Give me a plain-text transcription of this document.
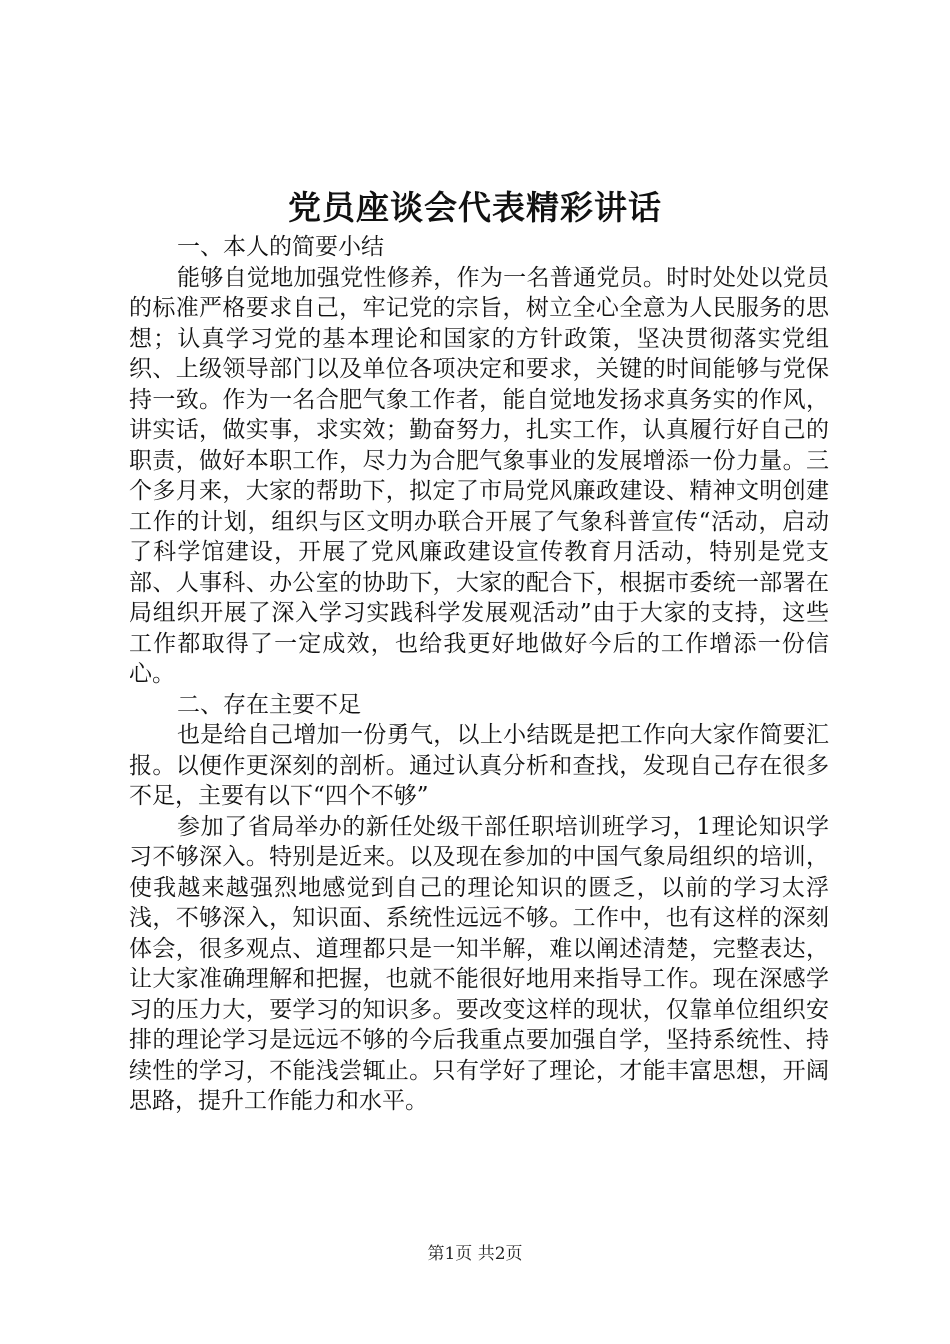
党员座谈会代表精彩讲话

一、本人的简要小结

能够自觉地加强党性修养，作为一名普通党员。时时处处以党员的标准严格要求自己，牢记党的宗旨，树立全心全意为人民服务的思想；认真学习党的基本理论和国家的方针政策，坚决贯彻落实党组织、上级领导部门以及单位各项决定和要求，关键的时间能够与党保持一致。作为一名合肥气象工作者，能自觉地发扬求真务实的作风，讲实话，做实事，求实效；勤奋努力，扎实工作，认真履行好自己的职责，做好本职工作，尽力为合肥气象事业的发展增添一份力量。三个多月来，大家的帮助下，拟定了市局党风廉政建设、精神文明创建工作的计划，组织与区文明办联合开展了气象科普宣传“活动，启动了科学馆建设，开展了党风廉政建设宣传教育月活动，特别是党支部、人事科、办公室的协助下，大家的配合下，根据市委统一部署在局组织开展了深入学习实践科学发展观活动”由于大家的支持，这些工作都取得了一定成效，也给我更好地做好今后的工作增添一份信心。

二、存在主要不足

也是给自己增加一份勇气，以上小结既是把工作向大家作简要汇报。以便作更深刻的剖析。通过认真分析和查找，发现自己存在很多不足，主要有以下“四个不够”

参加了省局举办的新任处级干部任职培训班学习，1理论知识学习不够深入。特别是近来。以及现在参加的中国气象局组织的培训，使我越来越强烈地感觉到自己的理论知识的匮乏，以前的学习太浮浅，不够深入，知识面、系统性远远不够。工作中，也有这样的深刻体会，很多观点、道理都只是一知半解，难以阐述清楚，完整表达，让大家准确理解和把握，也就不能很好地用来指导工作。现在深感学习的压力大，要学习的知识多。要改变这样的现状，仅靠单位组织安排的理论学习是远远不够的今后我重点要加强自学，坚持系统性、持续性的学习，不能浅尝辄止。只有学好了理论，才能丰富思想，开阔思路，提升工作能力和水平。

第1页 共2页
